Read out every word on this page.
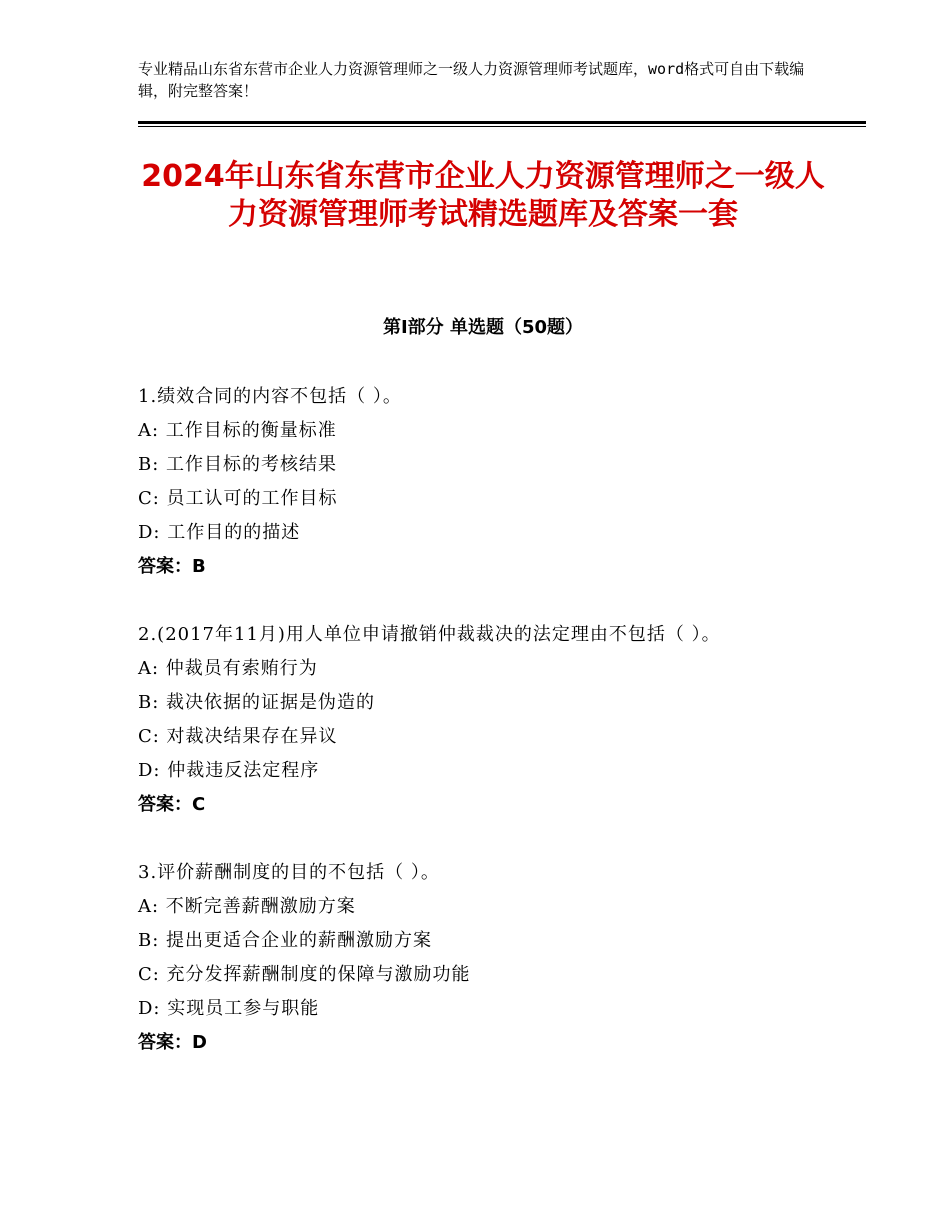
专业精品山东省东营市企业人力资源管理师之一级人力资源管理师考试题库，word格式可自由下载编辑，附完整答案！
2024年山东省东营市企业人力资源管理师之一级人力资源管理师考试精选题库及答案一套
第Ⅰ部分 单选题（50题）
1.绩效合同的内容不包括（ ）。
A: 工作目标的衡量标准
B: 工作目标的考核结果
C: 员工认可的工作目标
D: 工作目的的描述
答案：B
2.(2017年11月)用人单位申请撤销仲裁裁决的法定理由不包括（ ）。
A: 仲裁员有索贿行为
B: 裁决依据的证据是伪造的
C: 对裁决结果存在异议
D: 仲裁违反法定程序
答案：C
3.评价薪酬制度的目的不包括（ ）。
A: 不断完善薪酬激励方案
B: 提出更适合企业的薪酬激励方案
C: 充分发挥薪酬制度的保障与激励功能
D: 实现员工参与职能
答案：D
